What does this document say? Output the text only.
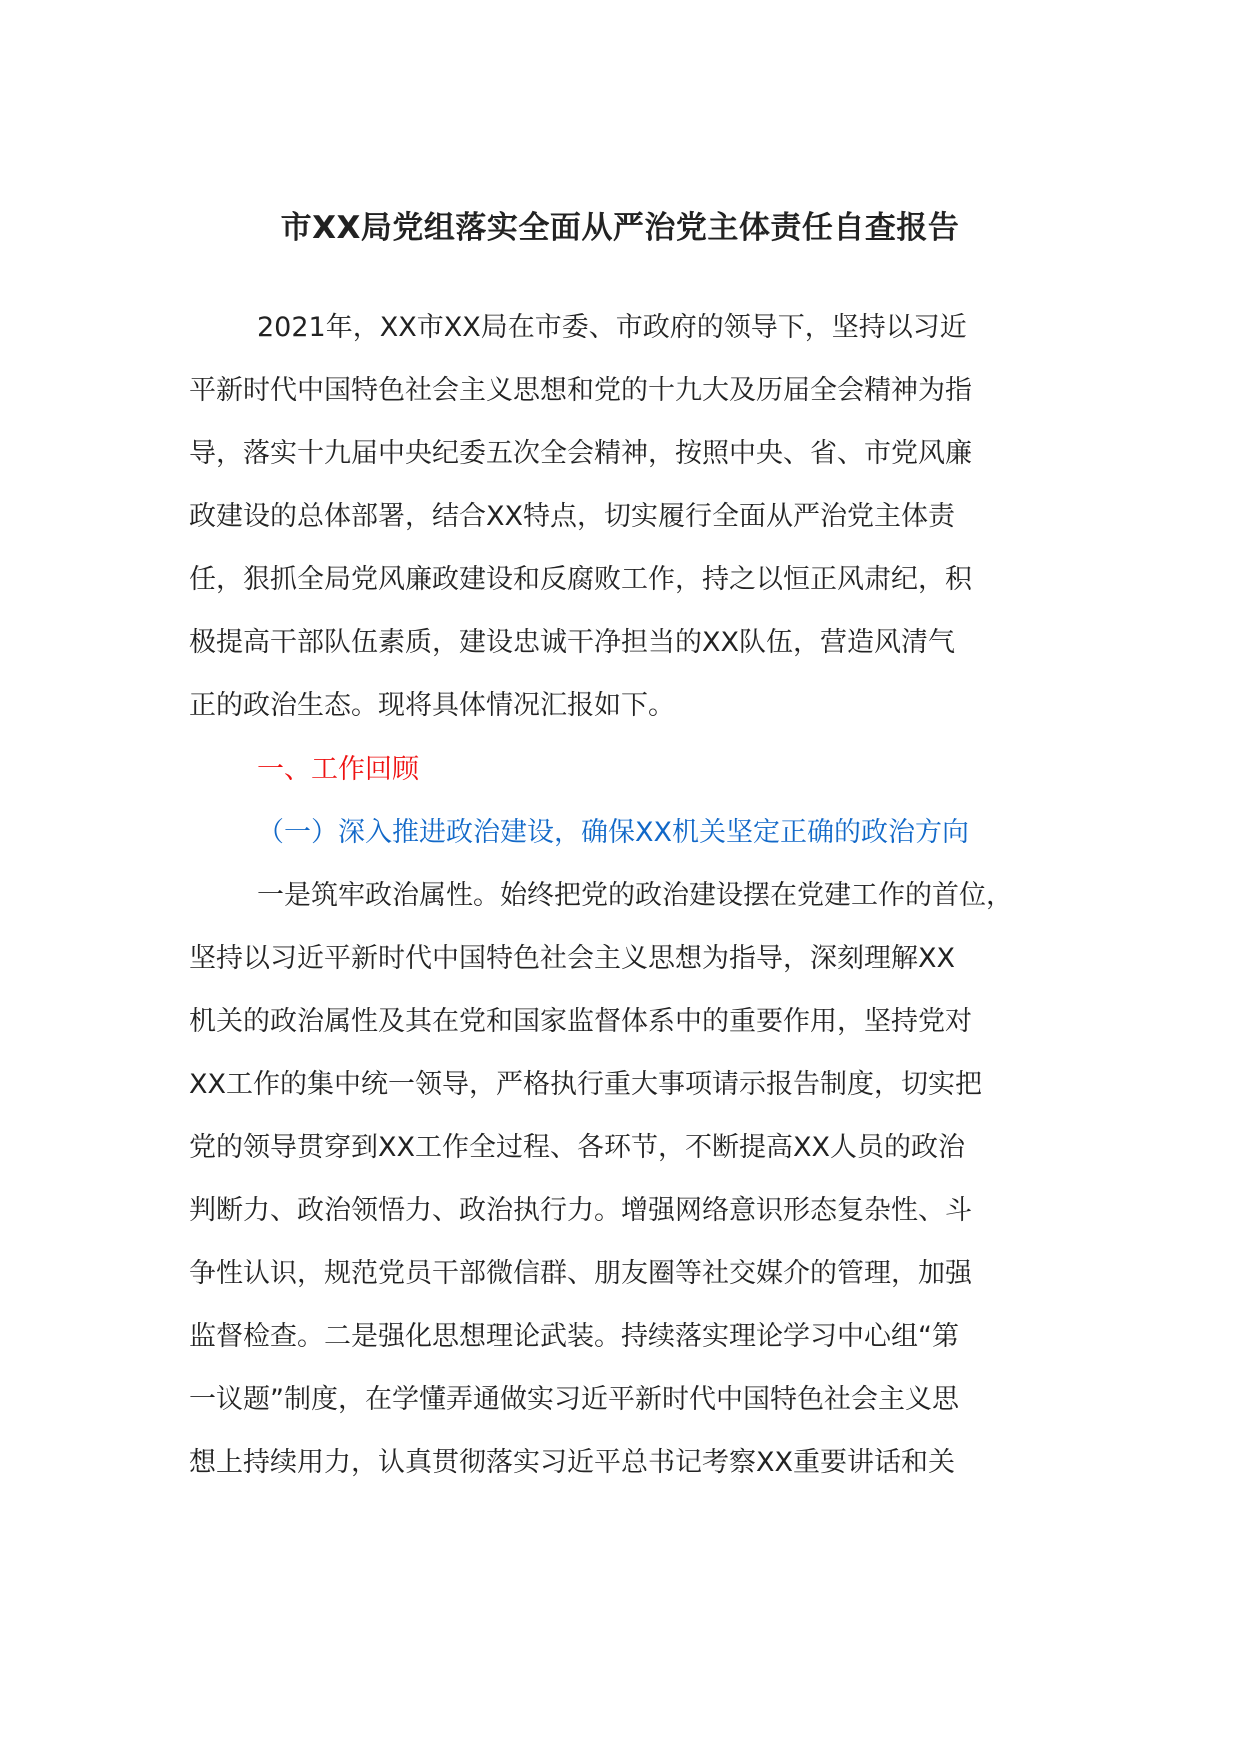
市XX局党组落实全面从严治党主体责任自查报告

2021年，XX市XX局在市委、市政府的领导下，坚持以习近

平新时代中国特色社会主义思想和党的十九大及历届全会精神为指

导，落实十九届中央纪委五次全会精神，按照中央、省、市党风廉

政建设的总体部署，结合XX特点，切实履行全面从严治党主体责

任，狠抓全局党风廉政建设和反腐败工作，持之以恒正风肃纪，积

极提高干部队伍素质，建设忠诚干净担当的XX队伍，营造风清气

正的政治生态。现将具体情况汇报如下。

一、工作回顾

（一）深入推进政治建设，确保XX机关坚定正确的政治方向

一是筑牢政治属性。始终把党的政治建设摆在党建工作的首位，

坚持以习近平新时代中国特色社会主义思想为指导，深刻理解XX

机关的政治属性及其在党和国家监督体系中的重要作用，坚持党对

XX工作的集中统一领导，严格执行重大事项请示报告制度，切实把

党的领导贯穿到XX工作全过程、各环节，不断提高XX人员的政治

判断力、政治领悟力、政治执行力。增强网络意识形态复杂性、斗

争性认识，规范党员干部微信群、朋友圈等社交媒介的管理，加强

监督检查。二是强化思想理论武装。持续落实理论学习中心组“第

一议题”制度，在学懂弄通做实习近平新时代中国特色社会主义思

想上持续用力，认真贯彻落实习近平总书记考察XX重要讲话和关
